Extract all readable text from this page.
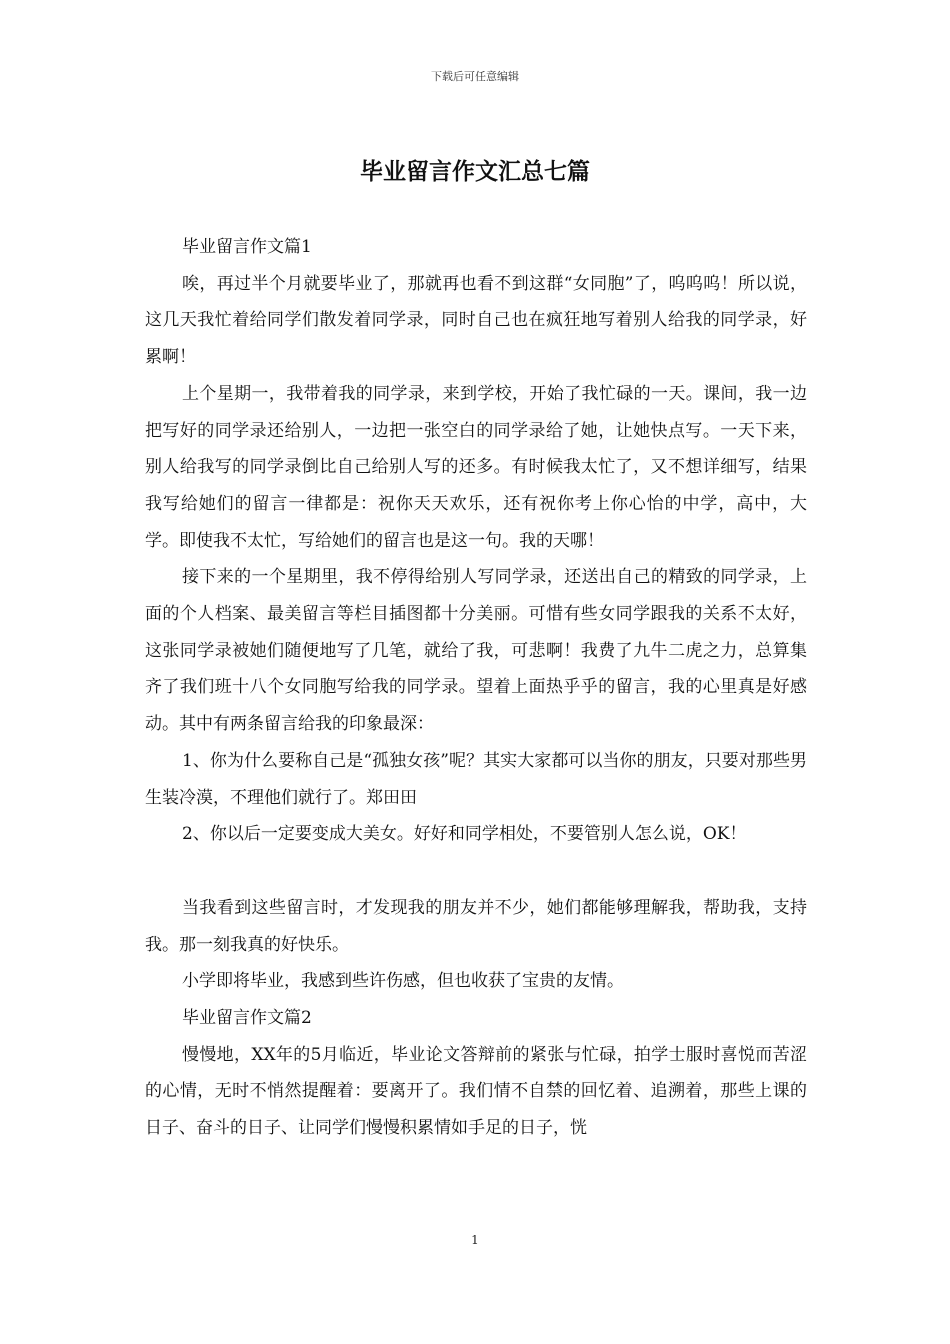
下载后可任意编辑
毕业留言作文汇总七篇

毕业留言作文篇1

唉，再过半个月就要毕业了，那就再也看不到这群“女同胞”了，呜呜呜！所以说，这几天我忙着给同学们散发着同学录，同时自己也在疯狂地写着别人给我的同学录，好累啊！

上个星期一，我带着我的同学录，来到学校，开始了我忙碌的一天。课间，我一边把写好的同学录还给别人，一边把一张空白的同学录给了她，让她快点写。一天下来，别人给我写的同学录倒比自己给别人写的还多。有时候我太忙了，又不想详细写，结果我写给她们的留言一律都是：祝你天天欢乐，还有祝你考上你心怡的中学，高中，大学。即使我不太忙，写给她们的留言也是这一句。我的天哪！

接下来的一个星期里，我不停得给别人写同学录，还送出自己的精致的同学录，上面的个人档案、最美留言等栏目插图都十分美丽。可惜有些女同学跟我的关系不太好，这张同学录被她们随便地写了几笔，就给了我，可悲啊！我费了九牛二虎之力，总算集齐了我们班十八个女同胞写给我的同学录。望着上面热乎乎的留言，我的心里真是好感动。其中有两条留言给我的印象最深：

1、你为什么要称自己是“孤独女孩”呢？其实大家都可以当你的朋友，只要对那些男生装冷漠，不理他们就行了。郑田田

2、你以后一定要变成大美女。好好和同学相处，不要管别人怎么说，OK！

当我看到这些留言时，才发现我的朋友并不少，她们都能够理解我，帮助我，支持我。那一刻我真的好快乐。

小学即将毕业，我感到些许伤感，但也收获了宝贵的友情。

毕业留言作文篇2

慢慢地，XX年的5月临近，毕业论文答辩前的紧张与忙碌，拍学士服时喜悦而苦涩的心情，无时不悄然提醒着：要离开了。我们情不自禁的回忆着、追溯着，那些上课的日子、奋斗的日子、让同学们慢慢积累情如手足的日子，恍

1
